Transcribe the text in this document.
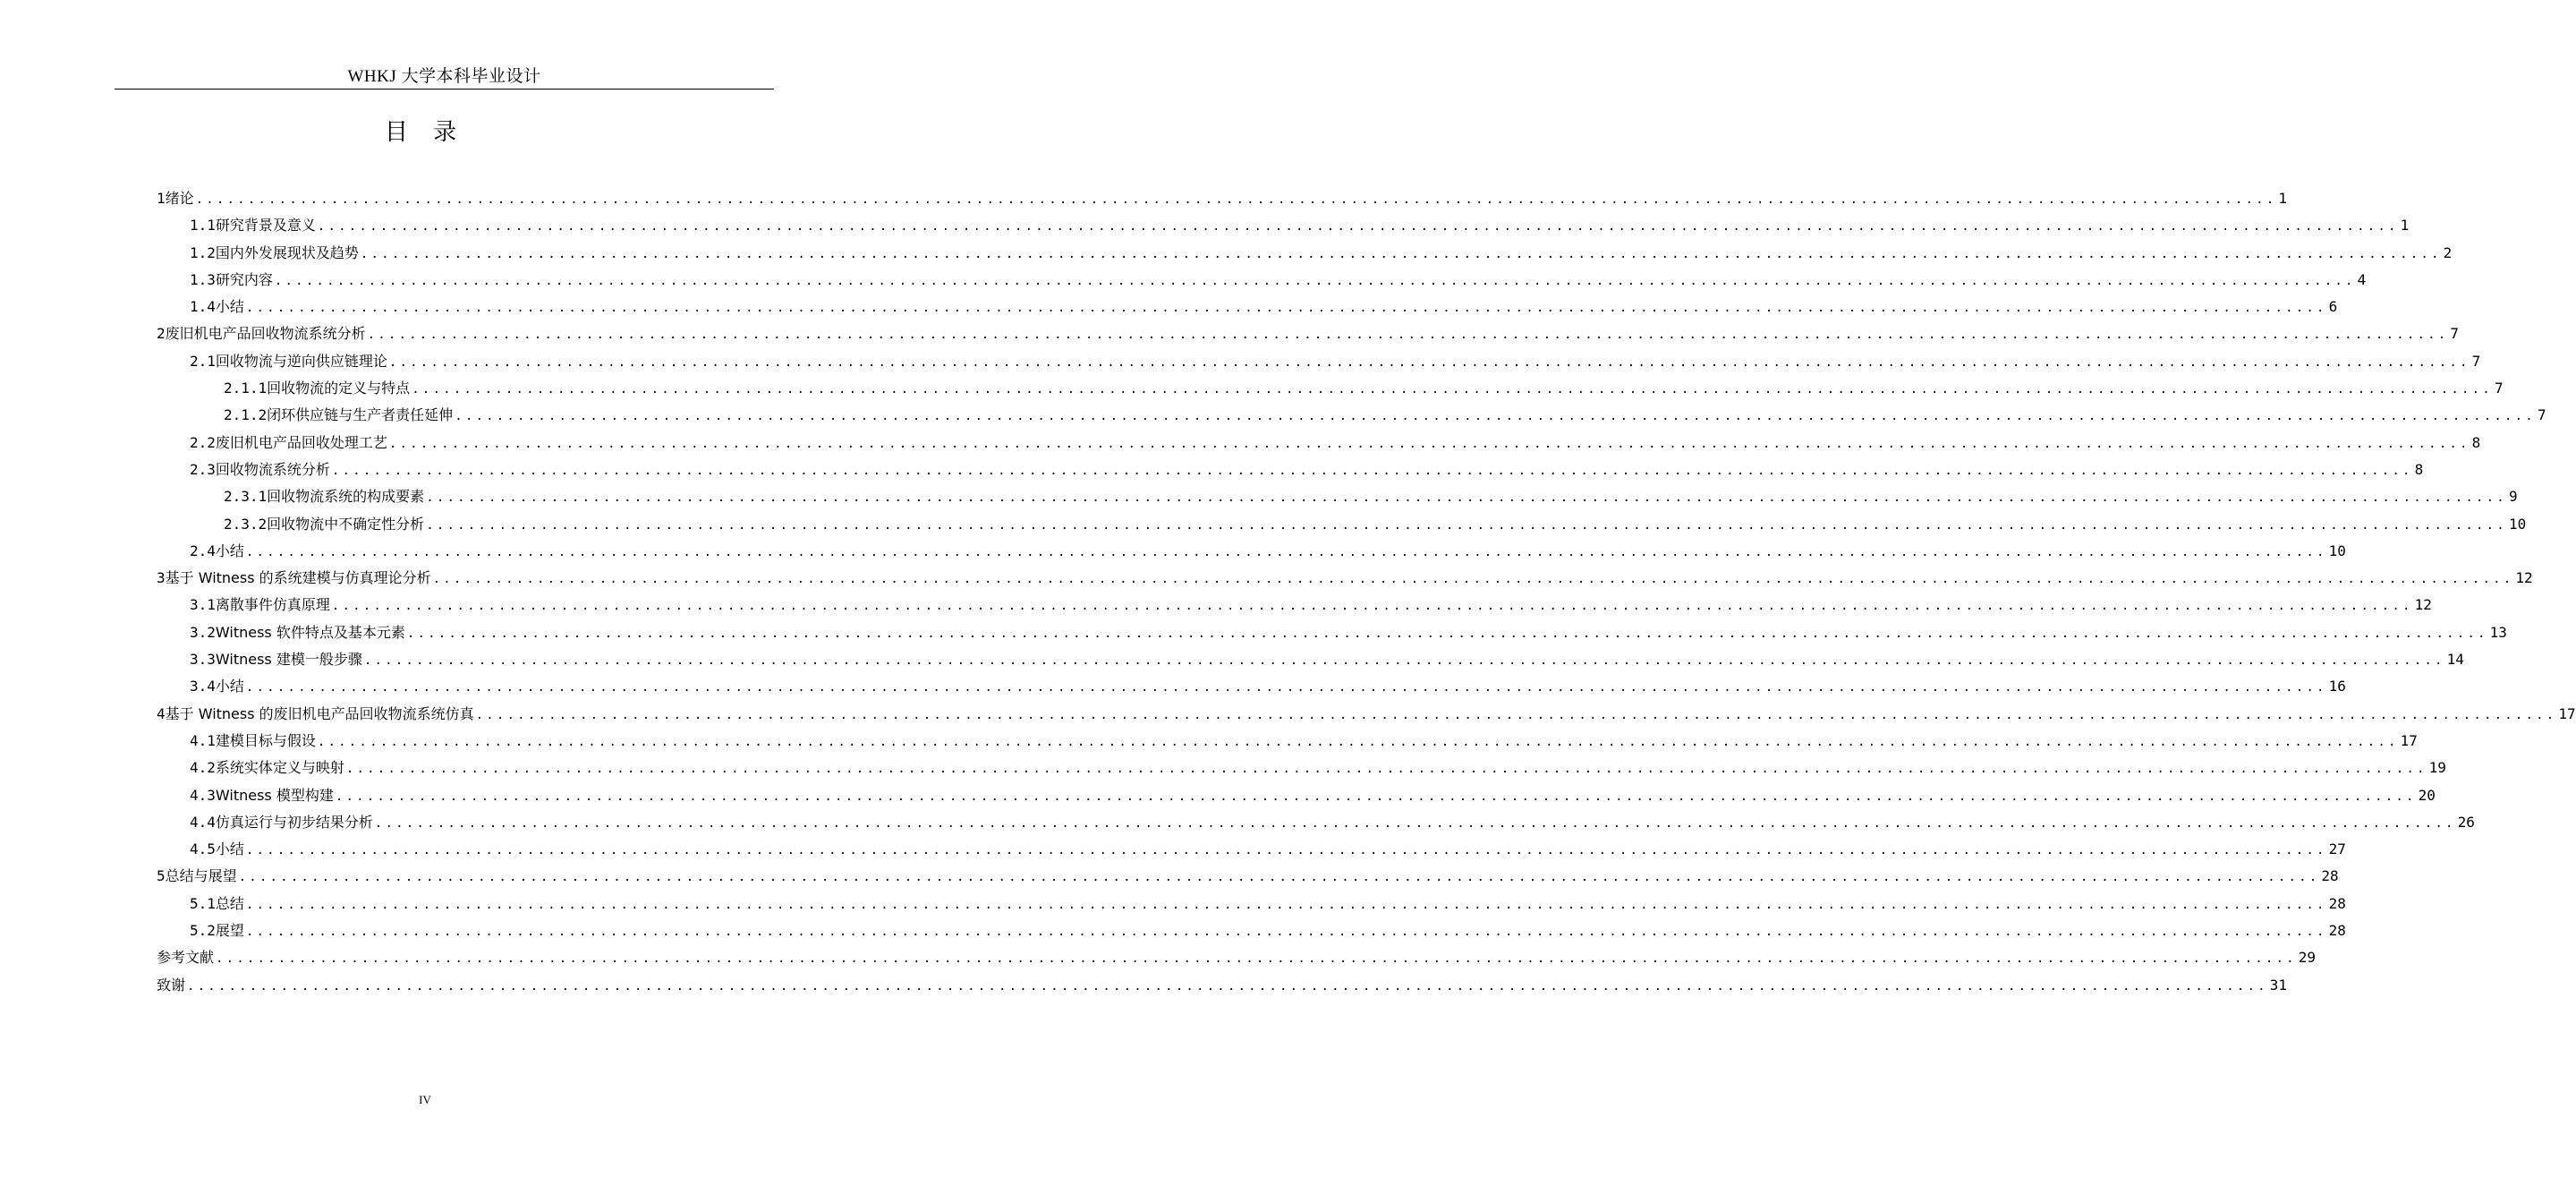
WHKJ 大学本科毕业设计
目 录
1 绪论 ........................................................................................................................................................................................................ 1
1.1 研究背景及意义 ........................................................................................................................................................................................................ 1
1.2 国内外发展现状及趋势 ........................................................................................................................................................................................................ 2
1.3 研究内容 ........................................................................................................................................................................................................ 4
1.4 小结 ........................................................................................................................................................................................................ 6
2 废旧机电产品回收物流系统分析 ........................................................................................................................................................................................................ 7
2.1 回收物流与逆向供应链理论 ........................................................................................................................................................................................................ 7
2.1.1 回收物流的定义与特点 ........................................................................................................................................................................................................ 7
2.1.2 闭环供应链与生产者责任延伸 ........................................................................................................................................................................................................ 7
2.2 废旧机电产品回收处理工艺 ........................................................................................................................................................................................................ 8
2.3 回收物流系统分析 ........................................................................................................................................................................................................ 8
2.3.1 回收物流系统的构成要素 ........................................................................................................................................................................................................ 9
2.3.2 回收物流中不确定性分析 ........................................................................................................................................................................................................ 10
2.4 小结 ........................................................................................................................................................................................................ 10
3 基于 Witness 的系统建模与仿真理论分析 ........................................................................................................................................................................................................ 12
3.1 离散事件仿真原理 ........................................................................................................................................................................................................ 12
3.2 Witness 软件特点及基本元素 ........................................................................................................................................................................................................ 13
3.3 Witness 建模一般步骤 ........................................................................................................................................................................................................ 14
3.4 小结 ........................................................................................................................................................................................................ 16
4 基于 Witness 的废旧机电产品回收物流系统仿真 ........................................................................................................................................................................................................ 17
4.1 建模目标与假设 ........................................................................................................................................................................................................ 17
4.2 系统实体定义与映射 ........................................................................................................................................................................................................ 19
4.3 Witness 模型构建 ........................................................................................................................................................................................................ 20
4.4 仿真运行与初步结果分析 ........................................................................................................................................................................................................ 26
4.5 小结 ........................................................................................................................................................................................................ 27
5 总结与展望 ........................................................................................................................................................................................................ 28
5.1 总结 ........................................................................................................................................................................................................ 28
5.2 展望 ........................................................................................................................................................................................................ 28
参考文献 ........................................................................................................................................................................................................ 29
致谢 ........................................................................................................................................................................................................ 31
IV
